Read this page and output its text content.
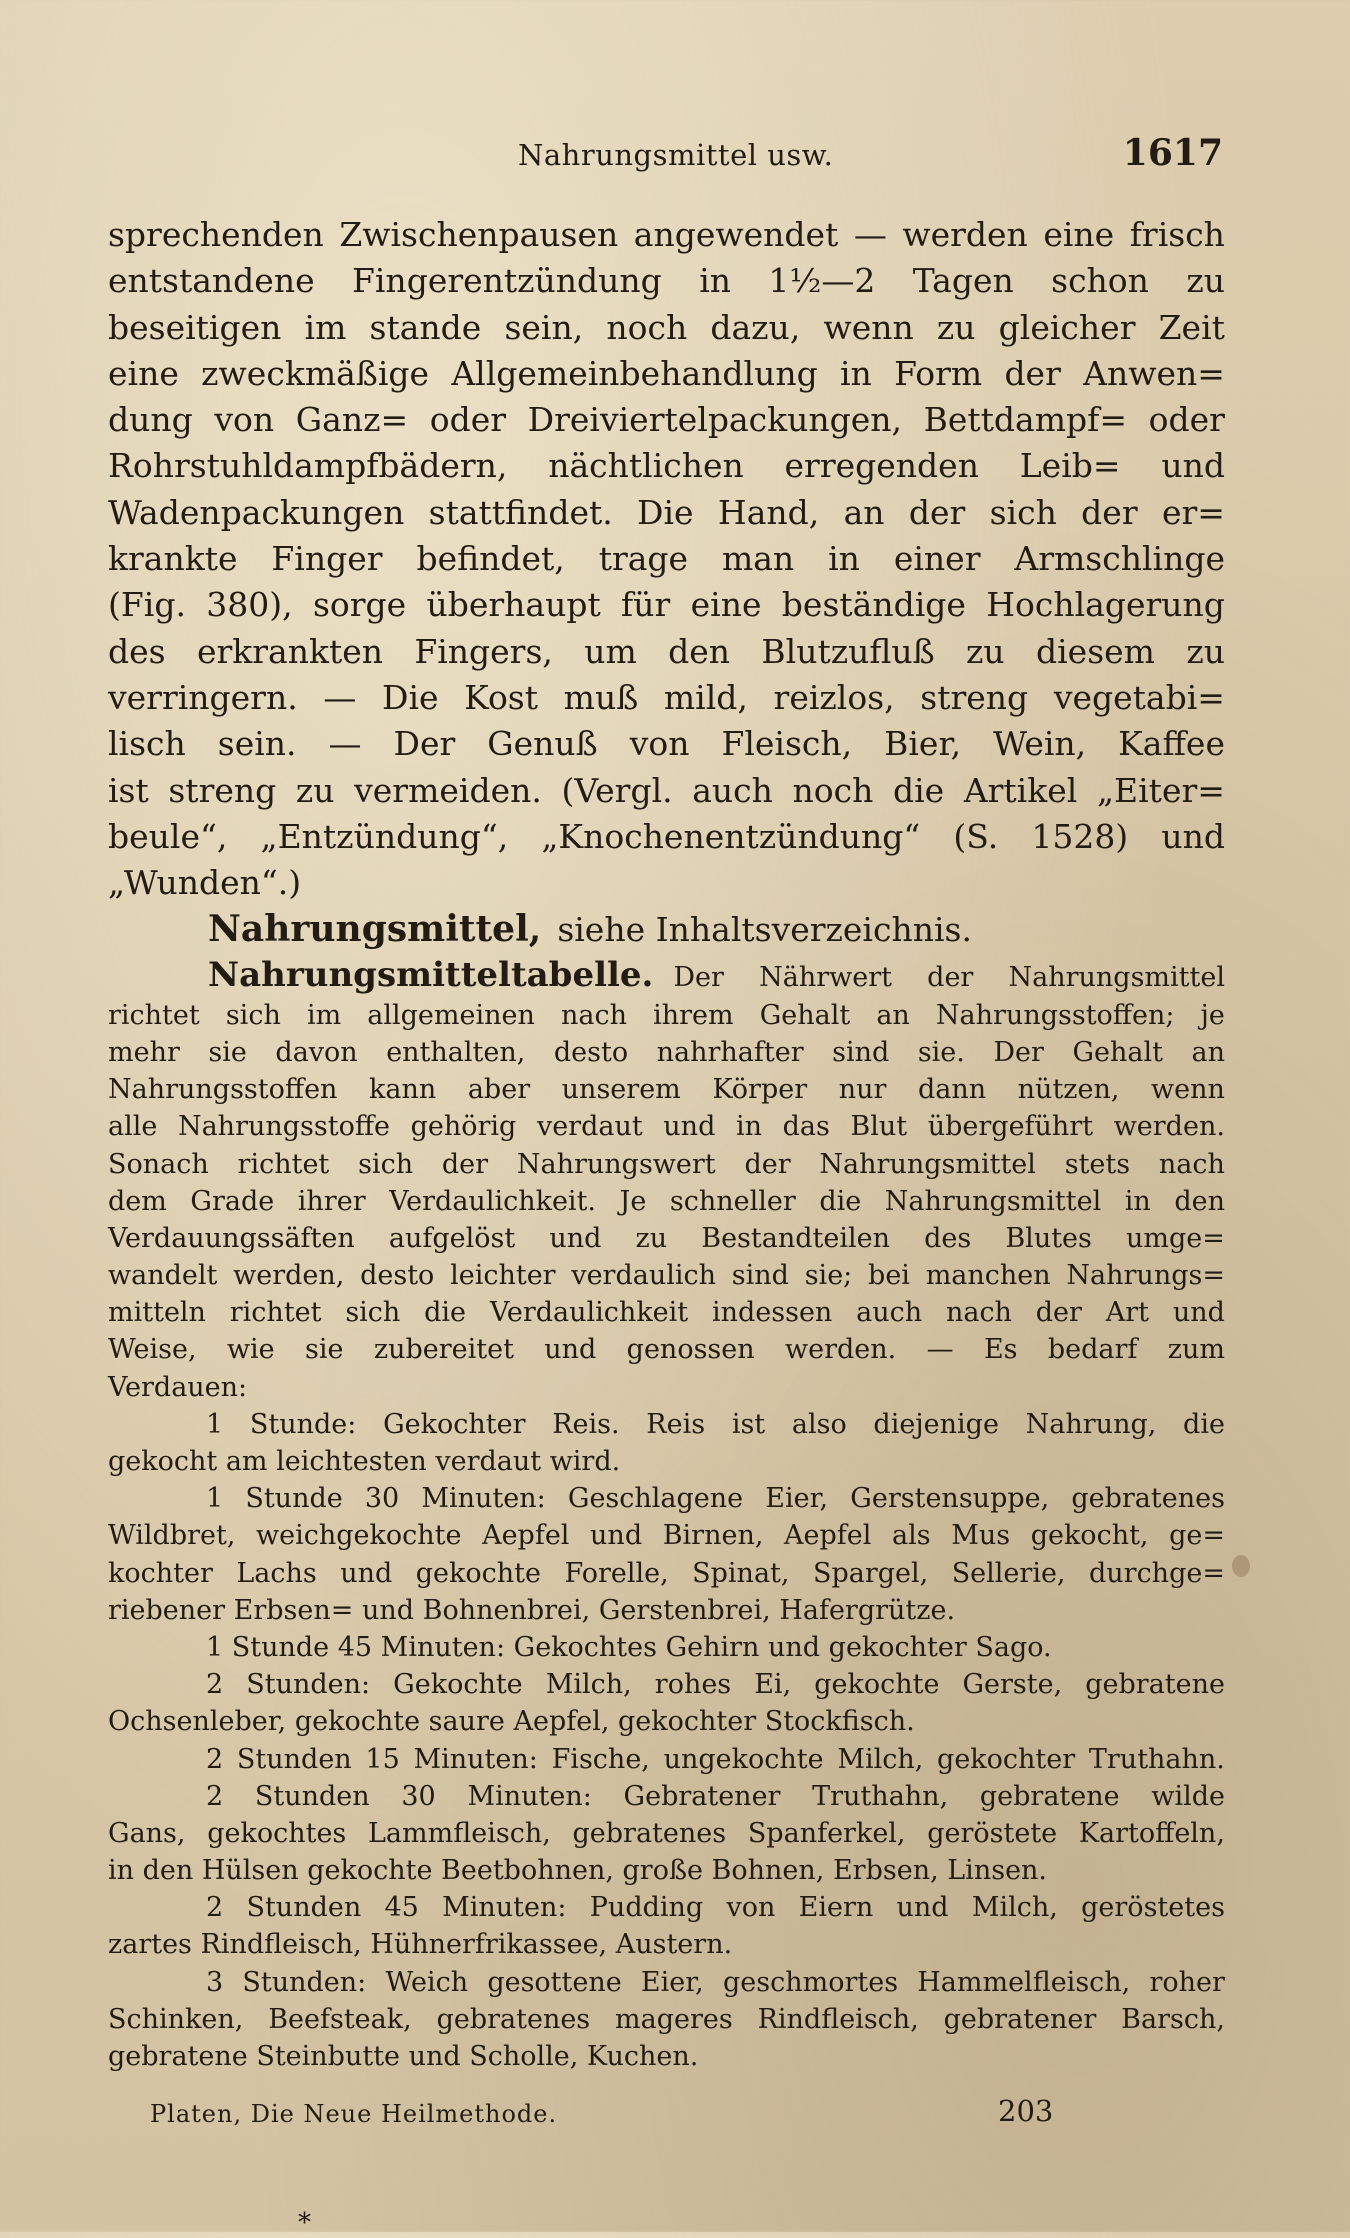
Nahrungsmittel usw.	1617
sprechenden Zwischenpausen angewendet — werden eine frisch
entstandene Fingerentzündung in 1½—2 Tagen schon zu
beseitigen im stande sein, noch dazu, wenn zu gleicher Zeit
eine zweckmäßige Allgemeinbehandlung in Form der Anwen=
dung von Ganz= oder Dreiviertelpackungen, Bettdampf= oder
Rohrstuhldampfbädern, nächtlichen erregenden Leib= und
Wadenpackungen stattfindet. Die Hand, an der sich der er=
krankte Finger befindet, trage man in einer Armschlinge
(Fig. 380), sorge überhaupt für eine beständige Hochlagerung
des erkrankten Fingers, um den Blutzufluß zu diesem zu
verringern. — Die Kost muß mild, reizlos, streng vegetabi=
lisch sein. — Der Genuß von Fleisch, Bier, Wein, Kaffee
ist streng zu vermeiden. (Vergl. auch noch die Artikel „Eiter=
beule“, „Entzündung“, „Knochenentzündung“ (S. 1528) und
„Wunden“.)
Nahrungsmittel, siehe Inhaltsverzeichnis.
Nahrungsmitteltabelle. Der Nährwert der Nahrungsmittel
richtet sich im allgemeinen nach ihrem Gehalt an Nahrungsstoffen; je
mehr sie davon enthalten, desto nahrhafter sind sie. Der Gehalt an
Nahrungsstoffen kann aber unserem Körper nur dann nützen, wenn
alle Nahrungsstoffe gehörig verdaut und in das Blut übergeführt werden.
Sonach richtet sich der Nahrungswert der Nahrungsmittel stets nach
dem Grade ihrer Verdaulichkeit. Je schneller die Nahrungsmittel in den
Verdauungssäften aufgelöst und zu Bestandteilen des Blutes umge=
wandelt werden, desto leichter verdaulich sind sie; bei manchen Nahrungs=
mitteln richtet sich die Verdaulichkeit indessen auch nach der Art und
Weise, wie sie zubereitet und genossen werden. — Es bedarf zum
Verdauen:
1 Stunde: Gekochter Reis. Reis ist also diejenige Nahrung, die
gekocht am leichtesten verdaut wird.
1 Stunde 30 Minuten: Geschlagene Eier, Gerstensuppe, gebratenes
Wildbret, weichgekochte Aepfel und Birnen, Aepfel als Mus gekocht, ge=
kochter Lachs und gekochte Forelle, Spinat, Spargel, Sellerie, durchge=
riebener Erbsen= und Bohnenbrei, Gerstenbrei, Hafergrütze.
1 Stunde 45 Minuten: Gekochtes Gehirn und gekochter Sago.
2 Stunden: Gekochte Milch, rohes Ei, gekochte Gerste, gebratene
Ochsenleber, gekochte saure Aepfel, gekochter Stockfisch.
2 Stunden 15 Minuten: Fische, ungekochte Milch, gekochter Truthahn.
2 Stunden 30 Minuten: Gebratener Truthahn, gebratene wilde
Gans, gekochtes Lammfleisch, gebratenes Spanferkel, geröstete Kartoffeln,
in den Hülsen gekochte Beetbohnen, große Bohnen, Erbsen, Linsen.
2 Stunden 45 Minuten: Pudding von Eiern und Milch, geröstetes
zartes Rindfleisch, Hühnerfrikassee, Austern.
3 Stunden: Weich gesottene Eier, geschmortes Hammelfleisch, roher
Schinken, Beefsteak, gebratenes mageres Rindfleisch, gebratener Barsch,
gebratene Steinbutte und Scholle, Kuchen.
Platen, Die Neue Heilmethode.	203
*
